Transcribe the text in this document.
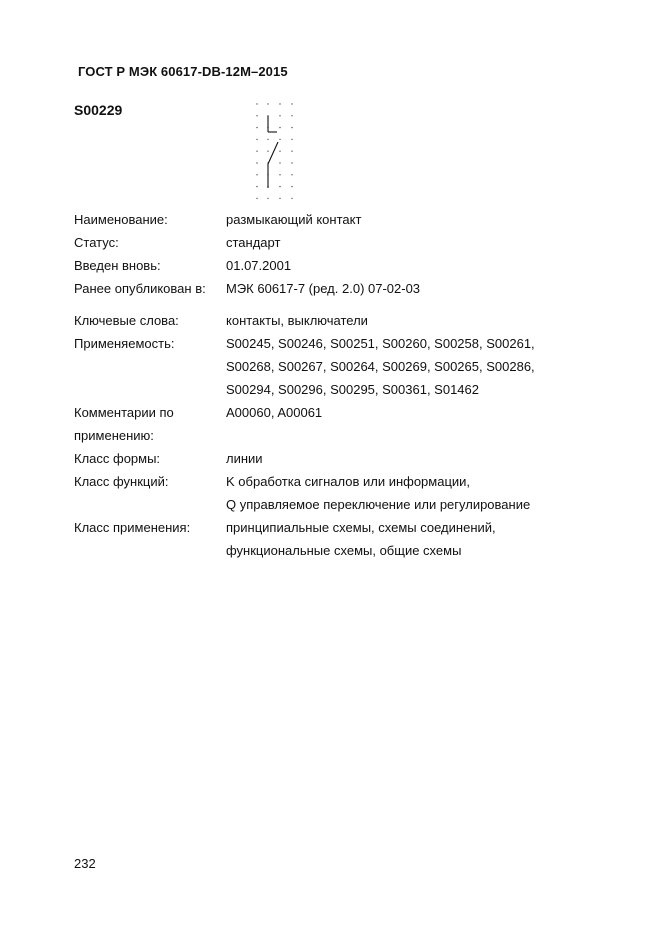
ГОСТ Р МЭК 60617-DB-12M–2015
S00229
Наименование:	размыкающий контакт
Статус:	стандарт
Введен вновь:	01.07.2001
Ранее опубликован в:	МЭК 60617-7 (ред. 2.0) 07-02-03
Ключевые слова:	контакты, выключатели
Применяемость:	S00245, S00246, S00251, S00260, S00258, S00261,
S00268, S00267, S00264, S00269, S00265, S00286,
S00294, S00296, S00295, S00361, S01462
Комментарии по
применению:
A00060, A00061
Класс формы:	линии
Класс функций:	K обработка сигналов или информации,
Q управляемое переключение или регулирование
Класс применения:	принципиальные схемы, схемы соединений,
функциональные схемы, общие схемы
232
